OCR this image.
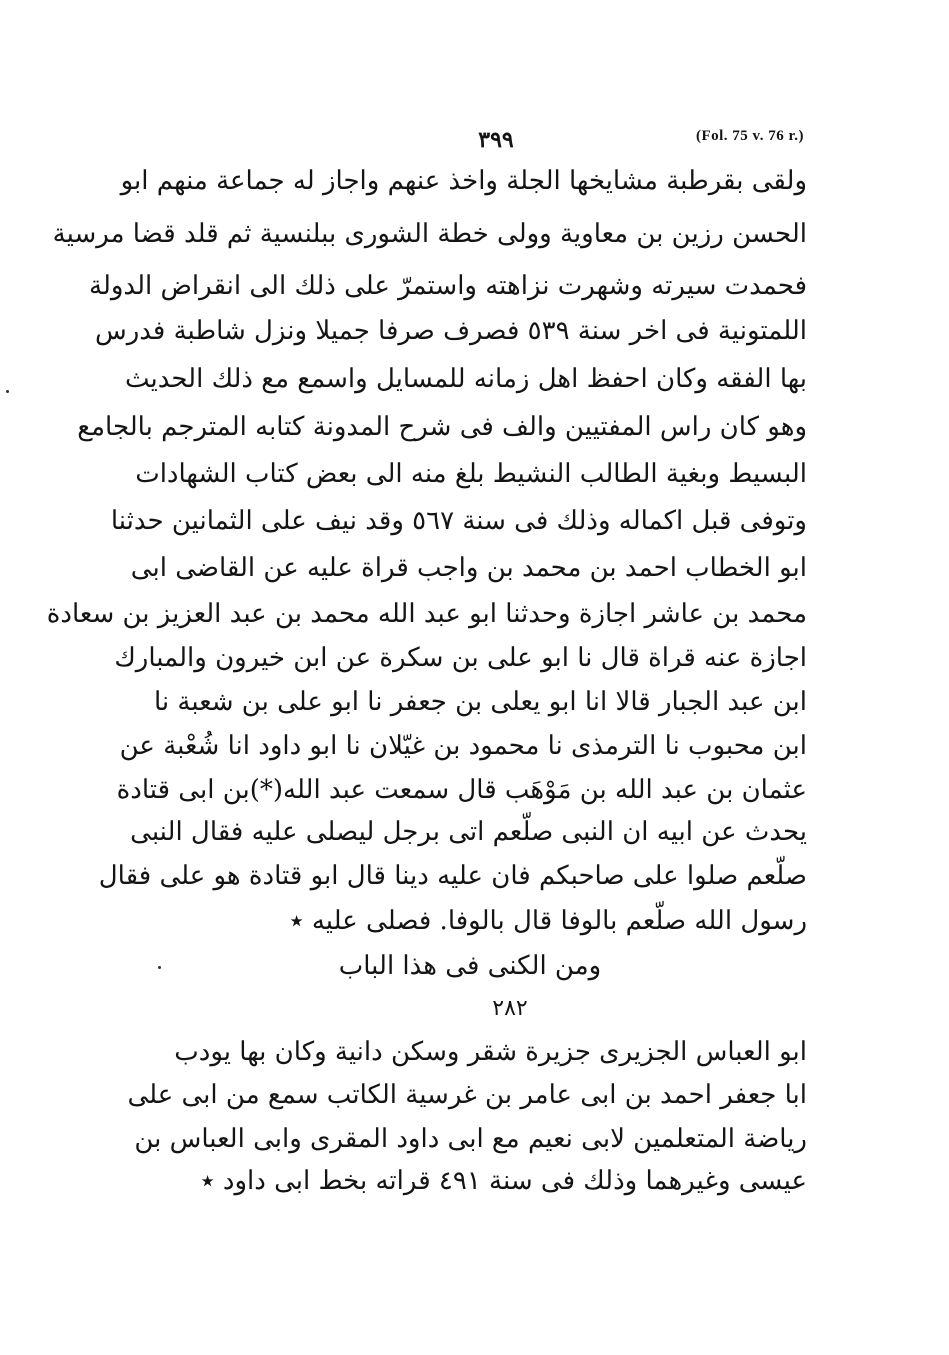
(Fol. 75 v. 76 r.)
٣٩٩
ولقى بقرطبة مشايخها الجلة واخذ عنهم واجاز له جماعة منهم ابو
الحسن رزين بن معاوية وولى خطة الشورى ببلنسية ثم قلد قضا مرسية
فحمدت سيرته وشهرت نزاهته واستمرّ على ذلك الى انقراض الدولة
اللمتونية فى اخر سنة ٥٣٩ فصرف صرفا جميلا ونزل شاطبة فدرس
بها الفقه وكان احفظ اهل زمانه للمسايل واسمع مع ذلك الحديث
وهو كان راس المفتيين والف فى شرح المدونة كتابه المترجم بالجامع
البسيط وبغية الطالب النشيط بلغ منه الى بعض كتاب الشهادات
وتوفى قبل اكماله وذلك فى سنة ٥٦٧ وقد نيف على الثمانين حدثنا
ابو الخطاب احمد بن محمد بن واجب قراة عليه عن القاضى ابى
محمد بن عاشر اجازة وحدثنا ابو عبد الله محمد بن عبد العزيز بن سعادة
اجازة عنه قراة قال نا ابو على بن سكرة عن ابن خيرون والمبارك
ابن عبد الجبار قالا انا ابو يعلى بن جعفر نا ابو على بن شعبة نا
ابن محبوب نا الترمذى نا محمود بن غيّلان نا ابو داود انا شُعْبة عن
عثمان بن عبد الله بن مَوْهَب قال سمعت عبد الله(*)بن ابى قتادة
يحدث عن ابيه ان النبى صلّعم اتى برجل ليصلى عليه فقال النبى
صلّعم صلوا على صاحبكم فان عليه دينا قال ابو قتادة هو على فقال
رسول الله صلّعم بالوفا قال بالوفا. فصلى عليه ٭
ومن الكنى فى هذا الباب
٢٨٢
ابو العباس الجزيرى جزيرة شقر وسكن دانية وكان بها يودب
ابا جعفر احمد بن ابى عامر بن غرسية الكاتب سمع من ابى على
رياضة المتعلمين لابى نعيم مع ابى داود المقرى وابى العباس بن
عيسى وغيرهما وذلك فى سنة ٤٩١ قراته بخط ابى داود ٭
